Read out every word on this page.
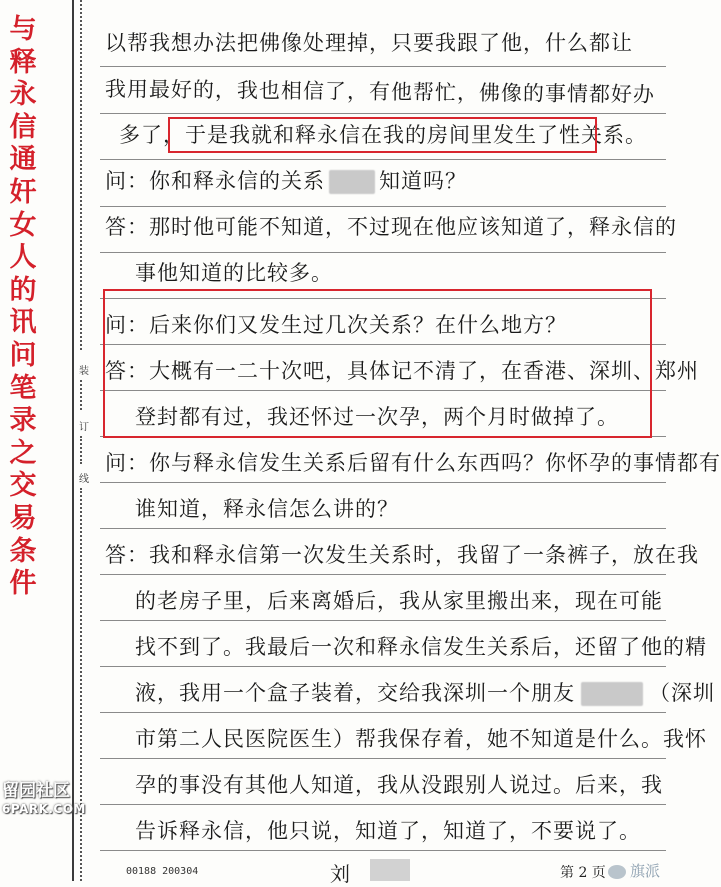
与
释
永
信
通
奸
女
人
的
讯
问
笔
录
之
交
易
条
件
装
订
线
以帮我想办法把佛像处理掉，只要我跟了他，什么都让
我用最好的，我也相信了，有他帮忙，佛像的事情都好办
多了，于是我就和释永信在我的房间里发生了性关系。
问：你和释永信的关系	知道吗？
答：那时他可能不知道，不过现在他应该知道了，释永信的
事他知道的比较多。
问：后来你们又发生过几次关系？在什么地方？
答：大概有一二十次吧，具体记不清了，在香港、深圳、郑州
登封都有过，我还怀过一次孕，两个月时做掉了。
问：你与释永信发生关系后留有什么东西吗？你怀孕的事情都有
谁知道，释永信怎么讲的？
答：我和释永信第一次发生关系时，我留了一条裤子，放在我
的老房子里，后来离婚后，我从家里搬出来，现在可能
找不到了。我最后一次和释永信发生关系后，还留了他的精
液，我用一个盒子装着，交给我深圳一个朋友	（深圳
市第二人民医院医生）帮我保存着，她不知道是什么。我怀
孕的事没有其他人知道，我从没跟别人说过。后来，我
告诉释永信，他只说，知道了，知道了，不要说了。
00188 200304	刘	第 2 页
留园社区
6PARK.COM
旗派
